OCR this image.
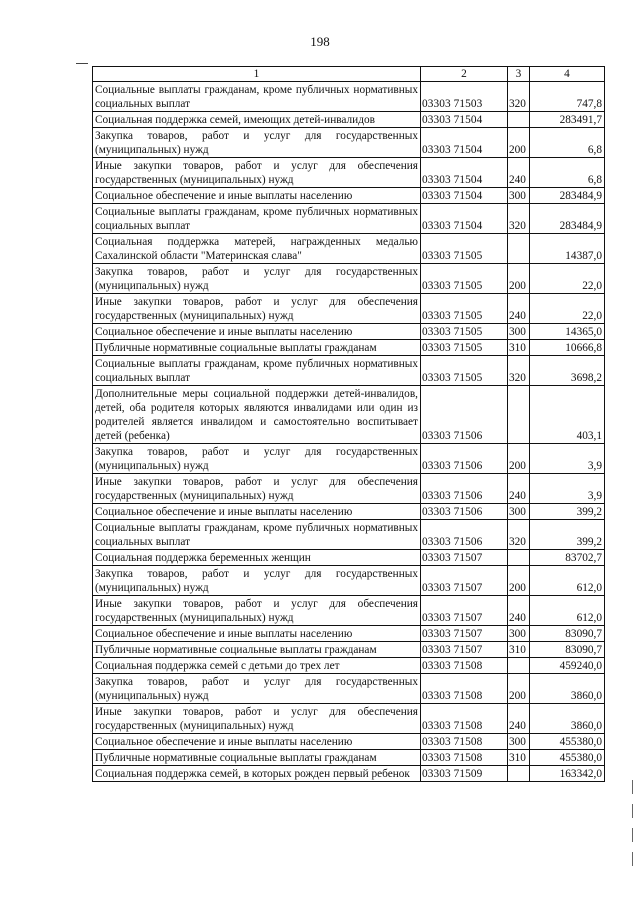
198
1	2	3	4
Социальные выплаты гражданам, кроме публичных нормативных социальных выплат	03303 71503	320	747,8
Социальная поддержка семей, имеющих детей-инвалидов	03303 71504		283491,7
Закупка товаров, работ и услуг для государственных (муниципальных) нужд	03303 71504	200	6,8
Иные закупки товаров, работ и услуг для обеспечения государственных (муниципальных) нужд	03303 71504	240	6,8
Социальное обеспечение и иные выплаты населению	03303 71504	300	283484,9
Социальные выплаты гражданам, кроме публичных нормативных социальных выплат	03303 71504	320	283484,9
Социальная поддержка матерей, награжденных медалью Сахалинской области "Материнская слава"	03303 71505		14387,0
Закупка товаров, работ и услуг для государственных (муниципальных) нужд	03303 71505	200	22,0
Иные закупки товаров, работ и услуг для обеспечения государственных (муниципальных) нужд	03303 71505	240	22,0
Социальное обеспечение и иные выплаты населению	03303 71505	300	14365,0
Публичные нормативные социальные выплаты гражданам	03303 71505	310	10666,8
Социальные выплаты гражданам, кроме публичных нормативных социальных выплат	03303 71505	320	3698,2
Дополнительные меры социальной поддержки детей-инвалидов, детей, оба родителя которых являются инвалидами или один из родителей является инвалидом и самостоятельно воспитывает детей (ребенка)	03303 71506		403,1
Закупка товаров, работ и услуг для государственных (муниципальных) нужд	03303 71506	200	3,9
Иные закупки товаров, работ и услуг для обеспечения государственных (муниципальных) нужд	03303 71506	240	3,9
Социальное обеспечение и иные выплаты населению	03303 71506	300	399,2
Социальные выплаты гражданам, кроме публичных нормативных социальных выплат	03303 71506	320	399,2
Социальная поддержка беременных женщин	03303 71507		83702,7
Закупка товаров, работ и услуг для государственных (муниципальных) нужд	03303 71507	200	612,0
Иные закупки товаров, работ и услуг для обеспечения государственных (муниципальных) нужд	03303 71507	240	612,0
Социальное обеспечение и иные выплаты населению	03303 71507	300	83090,7
Публичные нормативные социальные выплаты гражданам	03303 71507	310	83090,7
Социальная поддержка семей с детьми до трех лет	03303 71508		459240,0
Закупка товаров, работ и услуг для государственных (муниципальных) нужд	03303 71508	200	3860,0
Иные закупки товаров, работ и услуг для обеспечения государственных (муниципальных) нужд	03303 71508	240	3860,0
Социальное обеспечение и иные выплаты населению	03303 71508	300	455380,0
Публичные нормативные социальные выплаты гражданам	03303 71508	310	455380,0
Социальная поддержка семей, в которых рожден первый ребенок	03303 71509		163342,0
